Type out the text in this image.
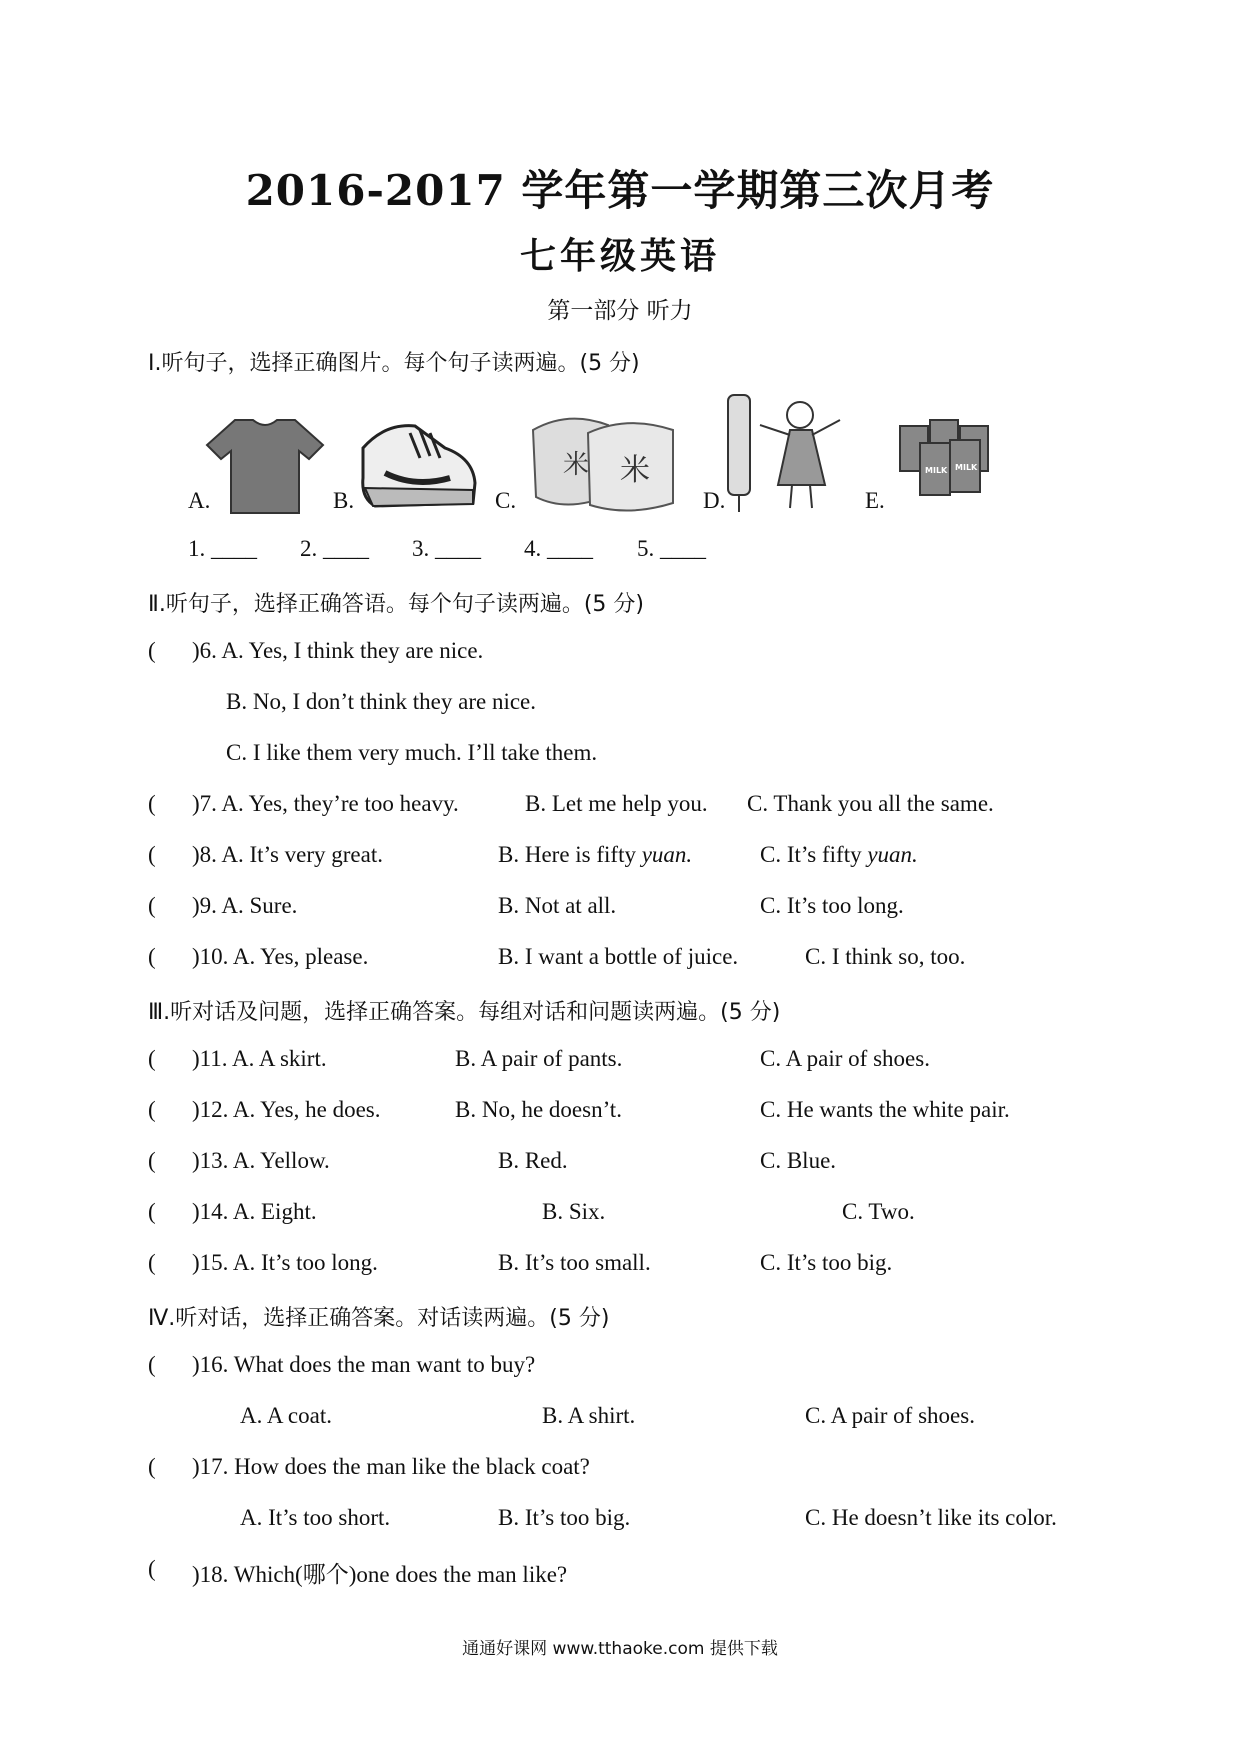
2016-2017 学年第一学期第三次月考
七年级英语
第一部分 听力
Ⅰ.听句子，选择正确图片。每个句子读两遍。(5 分)
A.	B.
米 米
C.	D.
MILK MILK
E.
1. ____ 2. ____ 3. ____ 4. ____ 5. ____
Ⅱ.听句子，选择正确答语。每个句子读两遍。(5 分)
( )6. A. Yes, I think they are nice.
B. No, I don’t think they are nice.
C. I like them very much. I’ll take them.
( )7. A. Yes, they’re too heavy.	B. Let me help you. C. Thank you all the same.
( )8. A. It’s very great.	B. Here is fifty yuan.	C. It’s fifty yuan.
( )9. A. Sure.	B. Not at all.	C. It’s too long.
( )10. A. Yes, please.	B. I want a bottle of juice.	C. I think so, too.
Ⅲ.听对话及问题，选择正确答案。每组对话和问题读两遍。(5 分)
( )11. A. A skirt.	B. A pair of pants.	C. A pair of shoes.
( )12. A. Yes, he does.	B. No, he doesn’t.	C. He wants the white pair.
( )13. A. Yellow.	B. Red.	C. Blue.
( )14. A. Eight.	B. Six.	C. Two.
( )15. A. It’s too long.	B. It’s too small.	C. It’s too big.
Ⅳ.听对话，选择正确答案。对话读两遍。(5 分)
( )16. What does the man want to buy?
A. A coat.	B. A shirt.	C. A pair of shoes.
( )17. How does the man like the black coat?
A. It’s too short.	B. It’s too big.	C. He doesn’t like its color.
( )18. Which(哪个)one does the man like?
通通好课网 www.tthaoke.com 提供下载
